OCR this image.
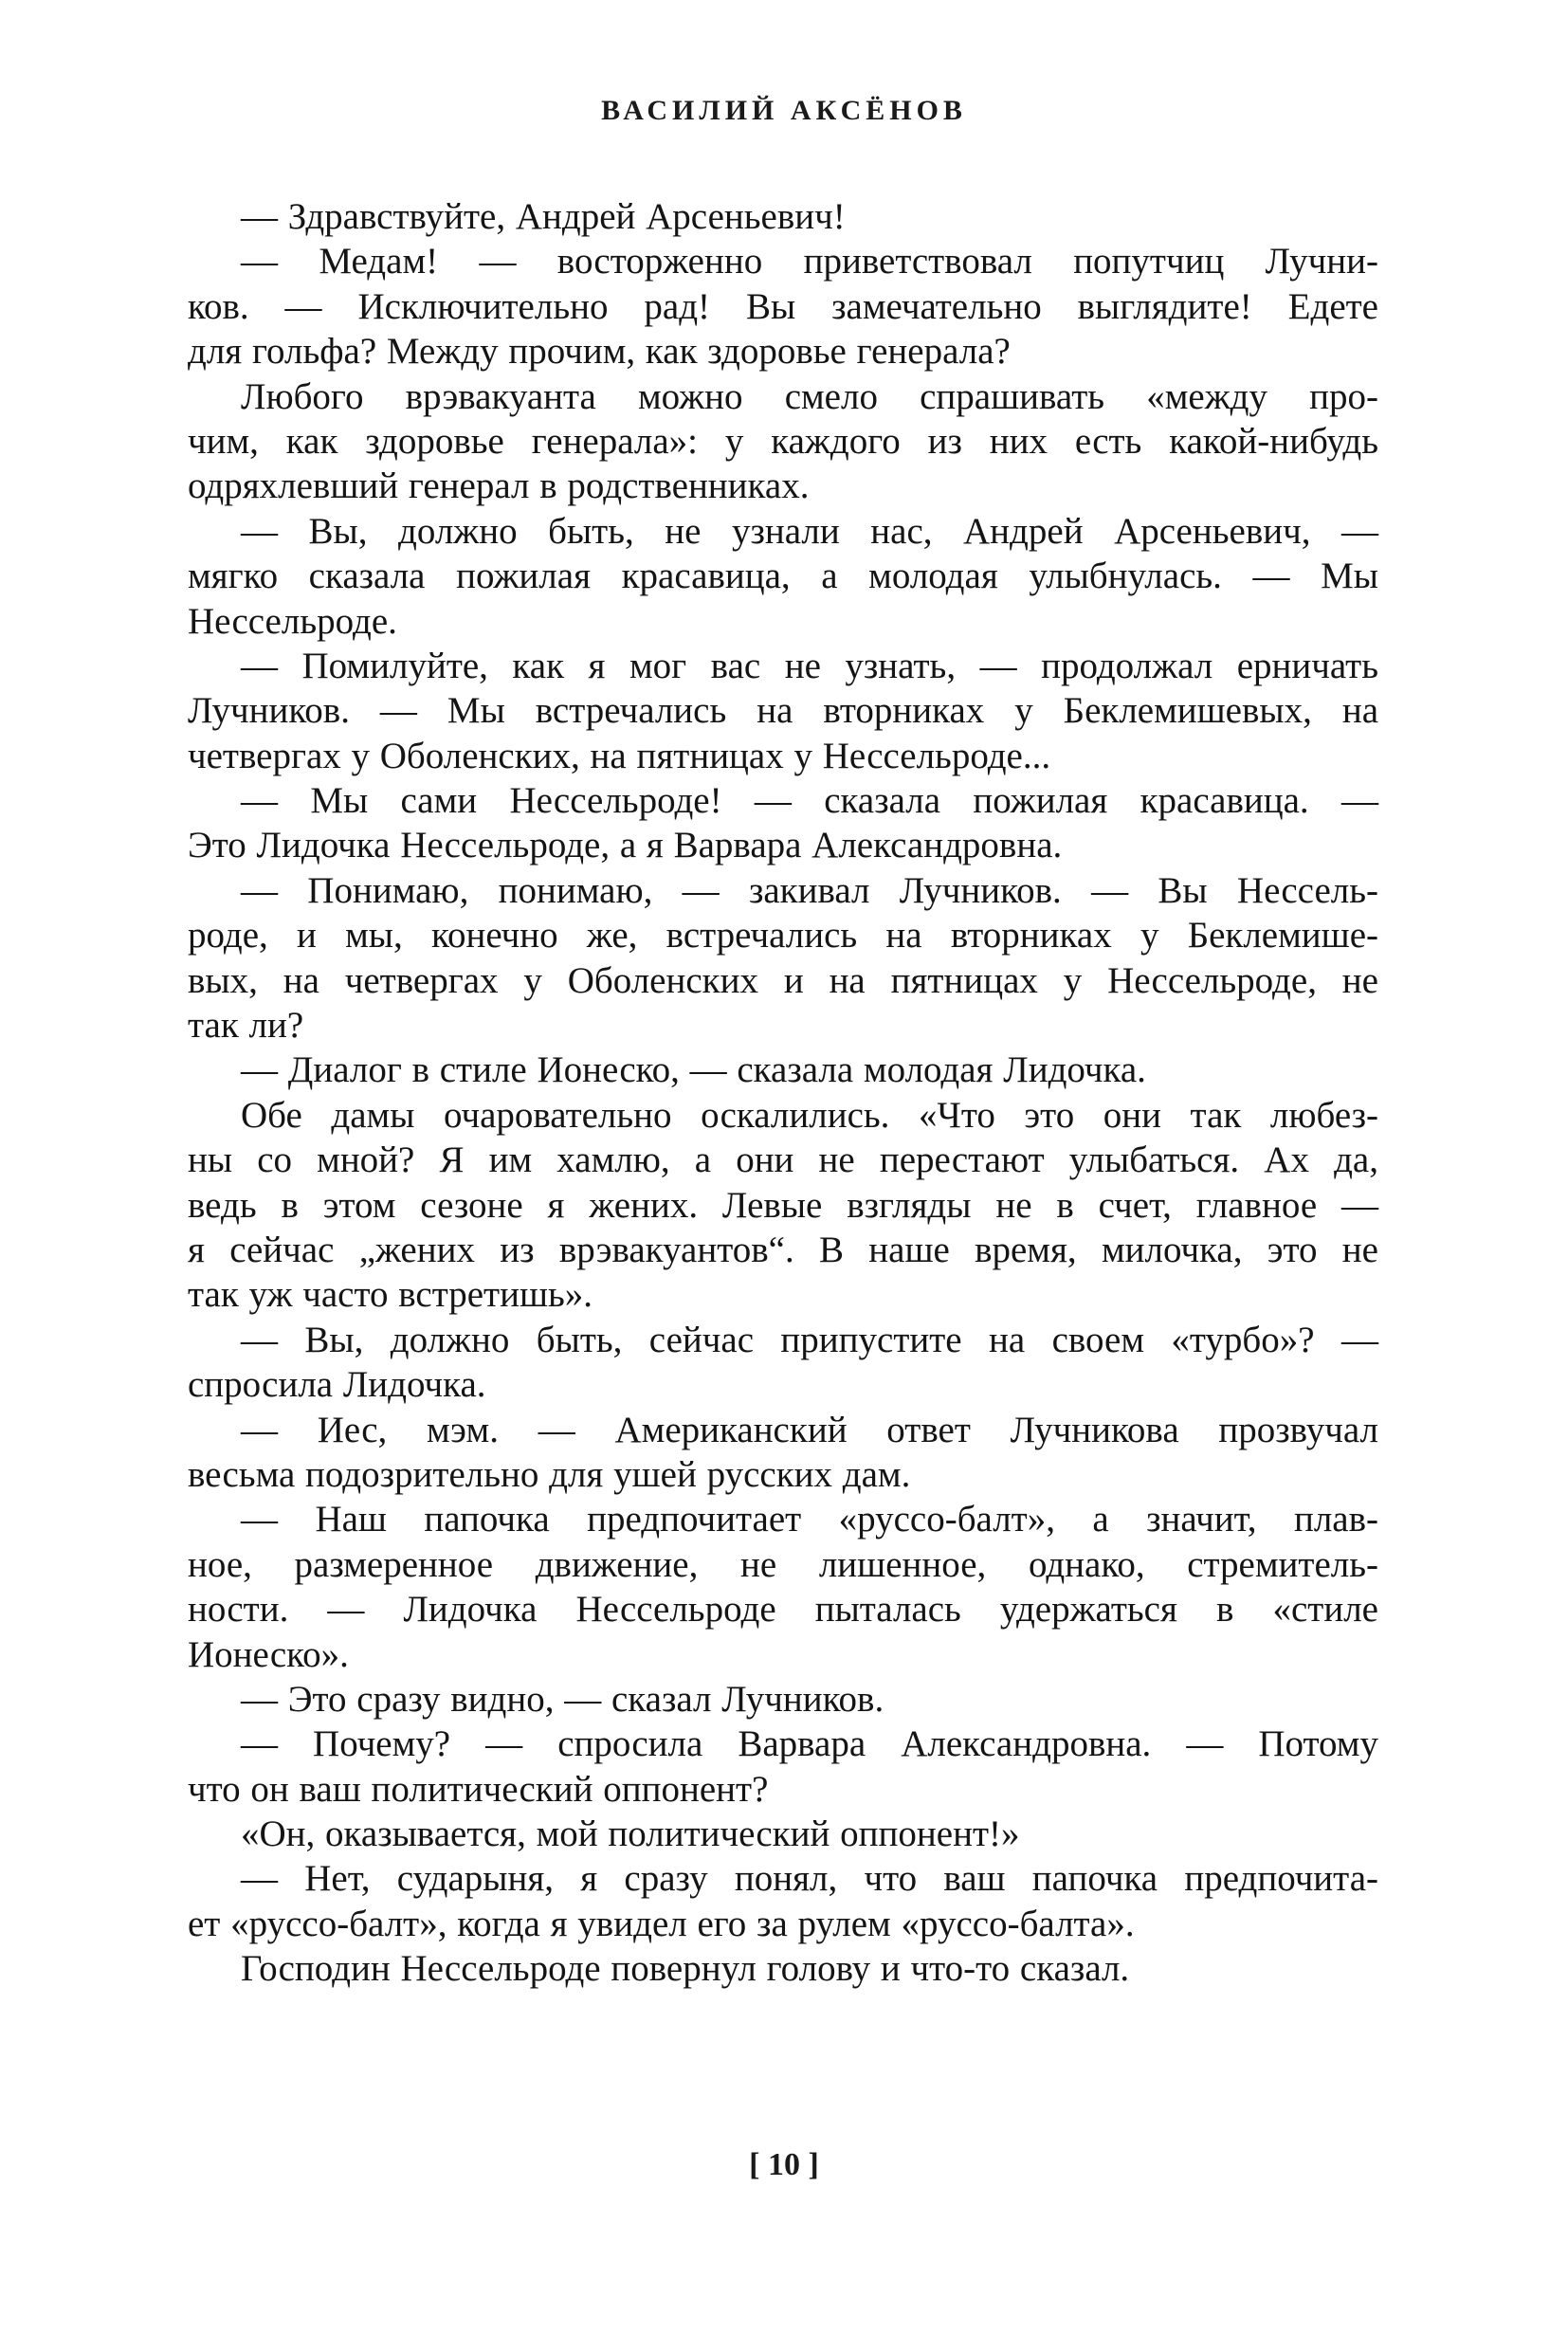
ВАСИЛИЙ АКСЁНОВ
— Здравствуйте, Андрей Арсеньевич!
— Медам! — восторженно приветствовал попутчиц Лучни-
ков. — Исключительно рад! Вы замечательно выглядите! Едете
для гольфа? Между прочим, как здоровье генерала?
Любого врэвакуанта можно смело спрашивать «между про-
чим, как здоровье генерала»: у каждого из них есть какой-нибудь
одряхлевший генерал в родственниках.
— Вы, должно быть, не узнали нас, Андрей Арсеньевич, —
мягко сказала пожилая красавица, а молодая улыбнулась. — Мы
Нессельроде.
— Помилуйте, как я мог вас не узнать, — продолжал ерничать
Лучников. — Мы встречались на вторниках у Беклемишевых, на
четвергах у Оболенских, на пятницах у Нессельроде...
— Мы сами Нессельроде! — сказала пожилая красавица. —
Это Лидочка Нессельроде, а я Варвара Александровна.
— Понимаю, понимаю, — закивал Лучников. — Вы Нессель-
роде, и мы, конечно же, встречались на вторниках у Беклемише-
вых, на четвергах у Оболенских и на пятницах у Нессельроде, не
так ли?
— Диалог в стиле Ионеско, — сказала молодая Лидочка.
Обе дамы очаровательно оскалились. «Что это они так любез-
ны со мной? Я им хамлю, а они не перестают улыбаться. Ах да,
ведь в этом сезоне я жених. Левые взгляды не в счет, главное —
я сейчас „жених из врэвакуантов“. В наше время, милочка, это не
так уж часто встретишь».
— Вы, должно быть, сейчас припустите на своем «турбо»? —
спросила Лидочка.
— Иес, мэм. — Американский ответ Лучникова прозвучал
весьма подозрительно для ушей русских дам.
— Наш папочка предпочитает «руссо-балт», а значит, плав-
ное, размеренное движение, не лишенное, однако, стремитель-
ности. — Лидочка Нессельроде пыталась удержаться в «стиле
Ионеско».
— Это сразу видно, — сказал Лучников.
— Почему? — спросила Варвара Александровна. — Потому
что он ваш политический оппонент?
«Он, оказывается, мой политический оппонент!»
— Нет, сударыня, я сразу понял, что ваш папочка предпочита-
ет «руссо-балт», когда я увидел его за рулем «руссо-балта».
Господин Нессельроде повернул голову и что-то сказал.
[ 10 ]
